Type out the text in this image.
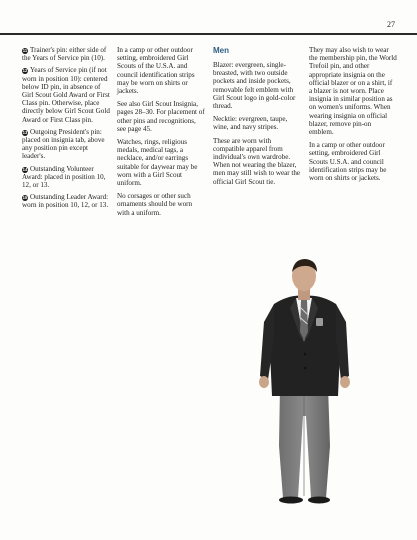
27
11 Trainer's pin: either side of the Years of Service pin (10).
12 Years of Service pin (if not worn in position 10): centered below ID pin, in absence of Girl Scout Gold Award or First Class pin. Otherwise, place directly below Girl Scout Gold Award or First Class pin.
13 Outgoing President's pin: placed on insignia tab, above any position pin except leader's.
14 Outstanding Volunteer Award: placed in position 10, 12, or 13.
15 Outstanding Leader Award: worn in position 10, 12, or 13.

In a camp or other outdoor setting, embroidered Girl Scouts of the U.S.A. and council identification strips may be worn on shirts or jackets.

See also Girl Scout Insignia, pages 28–30. For placement of other pins and recognitions, see page 45.

Watches, rings, religious medals, medical tags, a necklace, and/or earrings suitable for daywear may be worn with a Girl Scout uniform.

No corsages or other such ornaments should be worn with a uniform.

Men

Blazer: evergreen, single-breasted, with two outside pockets and inside pockets, removable felt emblem with Girl Scout logo in gold-color thread.

Necktie: evergreen, taupe, wine, and navy stripes.

These are worn with compatible apparel from individual's own wardrobe. When not wearing the blazer, men may still wish to wear the official Girl Scout tie.

They may also wish to wear the membership pin, the World Trefoil pin, and other appropriate insignia on the official blazer or on a shirt, if a blazer is not worn. Place insignia in similar position as on women's uniforms. When wearing insignia on official blazer, remove pin-on emblem.

In a camp or other outdoor setting, embroidered Girl Scouts U.S.A. and council identification strips may be worn on shirts or jackets.
